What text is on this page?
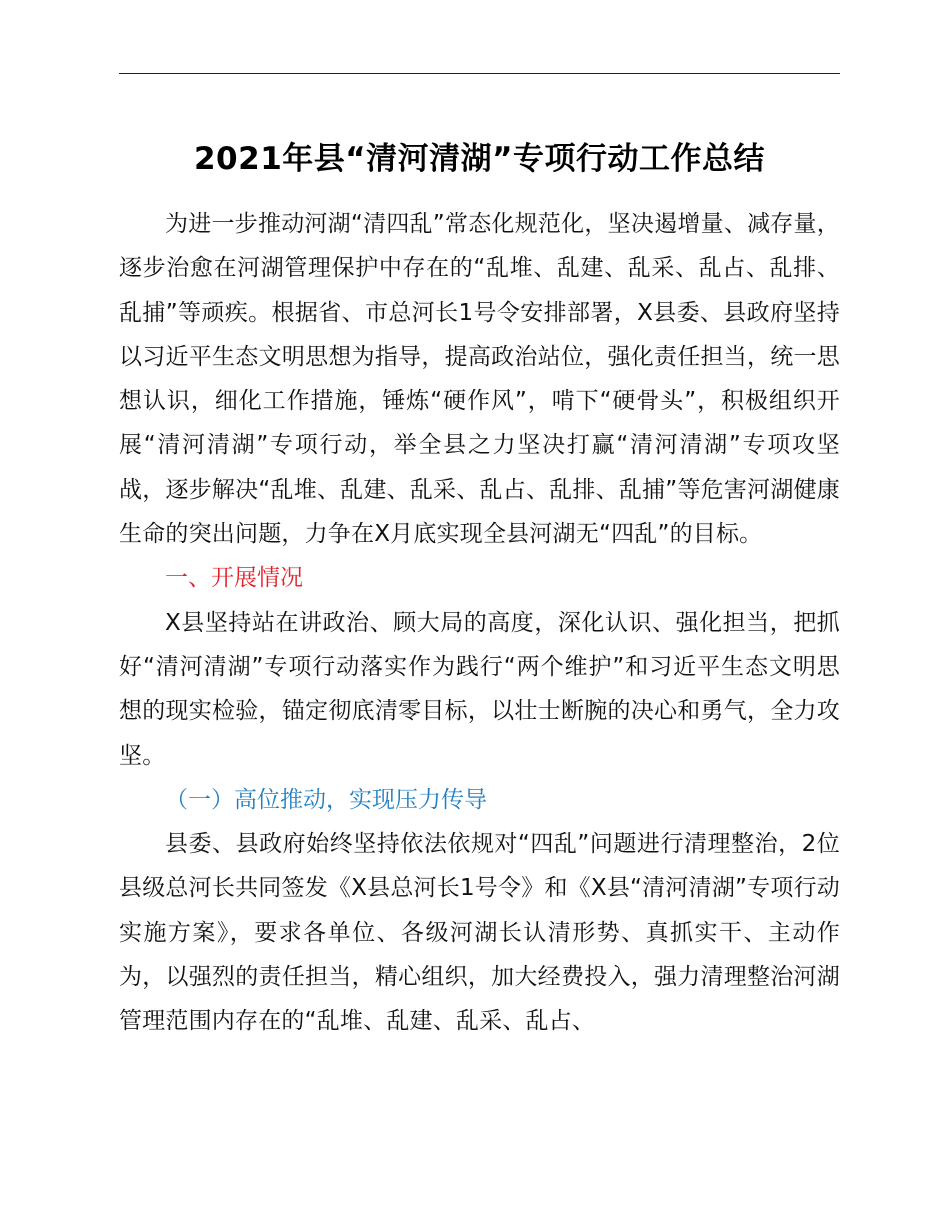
2021年县“清河清湖”专项行动工作总结

为进一步推动河湖“清四乱”常态化规范化，坚决遏增量、减存量，逐步治愈在河湖管理保护中存在的“乱堆、乱建、乱采、乱占、乱排、乱捕”等顽疾。根据省、市总河长1号令安排部署，X县委、县政府坚持以习近平生态文明思想为指导，提高政治站位，强化责任担当，统一思想认识，细化工作措施，锤炼“硬作风”，啃下“硬骨头”，积极组织开展“清河清湖”专项行动，举全县之力坚决打赢“清河清湖”专项攻坚战，逐步解决“乱堆、乱建、乱采、乱占、乱排、乱捕”等危害河湖健康生命的突出问题，力争在X月底实现全县河湖无“四乱”的目标。

一、开展情况

X县坚持站在讲政治、顾大局的高度，深化认识、强化担当，把抓好“清河清湖”专项行动落实作为践行“两个维护”和习近平生态文明思想的现实检验，锚定彻底清零目标，以壮士断腕的决心和勇气，全力攻坚。

（一）高位推动，实现压力传导

县委、县政府始终坚持依法依规对“四乱”问题进行清理整治，2位县级总河长共同签发《X县总河长1号令》和《X县“清河清湖”专项行动实施方案》，要求各单位、各级河湖长认清形势、真抓实干、主动作为，以强烈的责任担当，精心组织，加大经费投入，强力清理整治河湖管理范围内存在的“乱堆、乱建、乱采、乱占、
